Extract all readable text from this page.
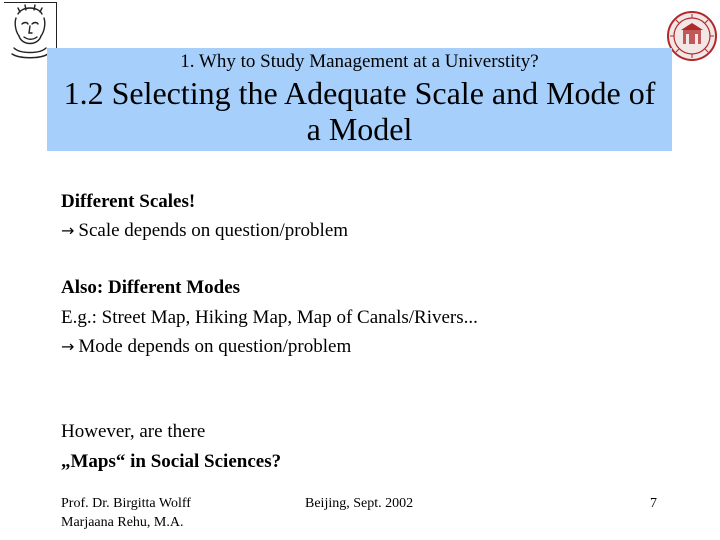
1. Why to Study Management at a Universtity?
1.2 Selecting the Adequate Scale and Mode of
a Model
Different Scales!
→ Scale depends on question/problem
Also: Different Modes
E.g.: Street Map, Hiking Map, Map of Canals/Rivers...
→ Mode depends on question/problem
However, are there
„Maps“ in Social Sciences?
Prof. Dr. Birgitta Wolff
Marjaana Rehu, M.A.
Beijing, Sept. 2002	7
